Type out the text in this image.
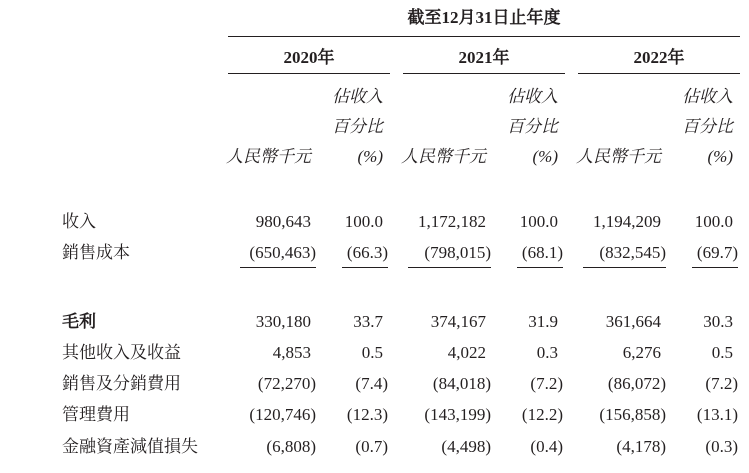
截至12月31日止年度
2020年	2021年	2022年
佔收入	佔收入	佔收入
百分比	百分比	百分比
人民幣千元	(%)	人民幣千元	(%)	人民幣千元	(%)
收入	980,643	100.0	1,172,182	100.0	1,194,209	100.0
銷售成本	(650,463)	(66.3)	(798,015)	(68.1)	(832,545)	(69.7)
毛利	330,180	33.7	374,167	31.9	361,664	30.3
其他收入及收益	4,853	0.5	4,022	0.3	6,276	0.5
銷售及分銷費用	(72,270)	(7.4)	(84,018)	(7.2)	(86,072)	(7.2)
管理費用	(120,746)	(12.3)	(143,199)	(12.2)	(156,858)	(13.1)
金融資產減值損失	(6,808)	(0.7)	(4,498)	(0.4)	(4,178)	(0.3)
